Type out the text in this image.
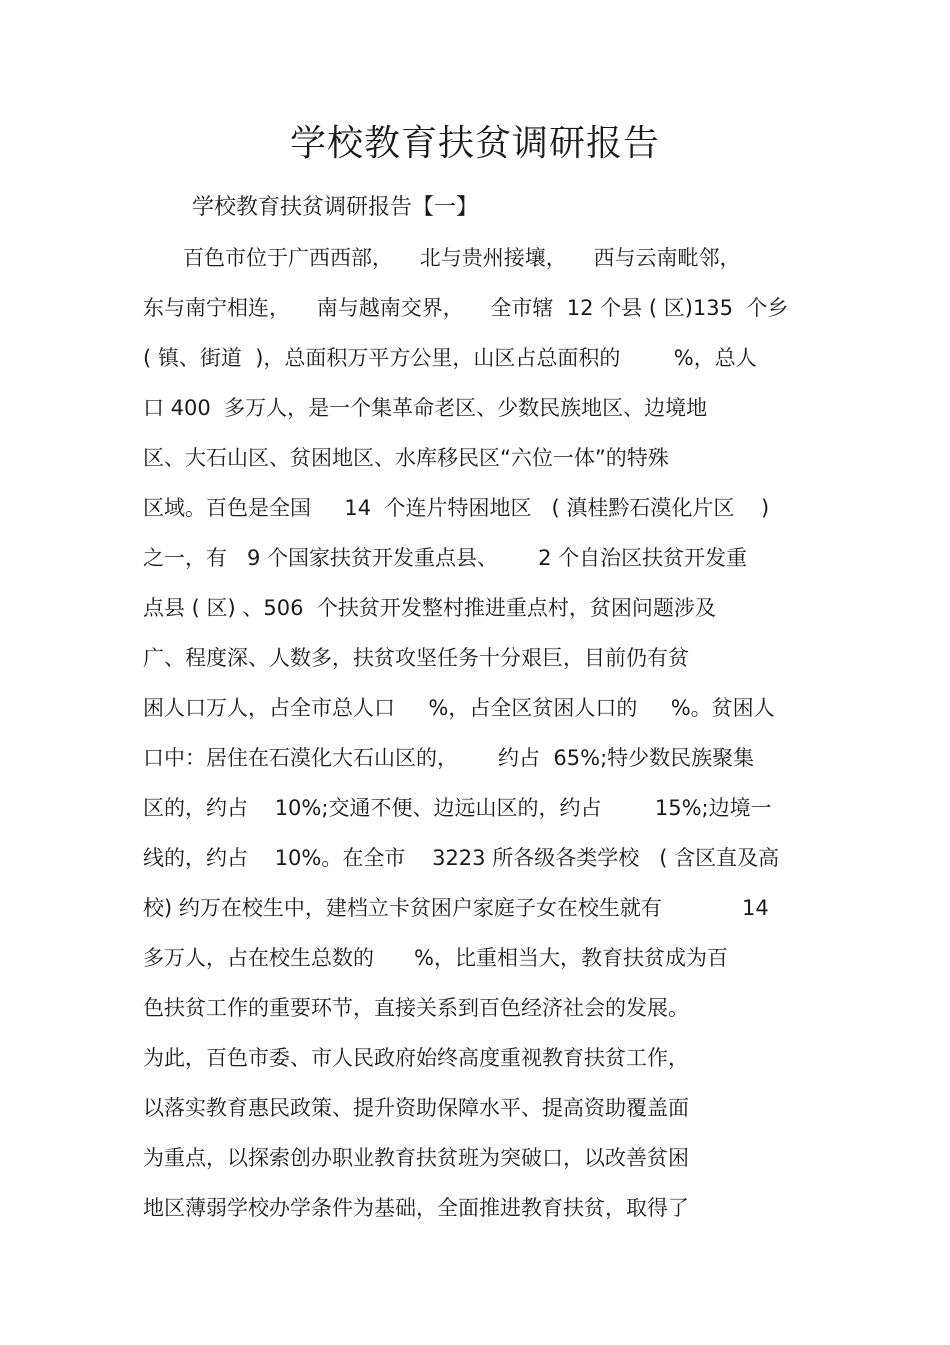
学校教育扶贫调研报告
学校教育扶贫调研报告【一】
百色市位于广西西部，    北与贵州接壤，    西与云南毗邻，
东与南宁相连，    南与越南交界，    全市辖  12 个县 ( 区)135  个乡
( 镇、街道  )，总面积万平方公里，山区占总面积的        %，总人
口 400  多万人，是一个集革命老区、少数民族地区、边境地
区、大石山区、贫困地区、水库移民区“六位一体”的特殊
区域。百色是全国     14  个连片特困地区   ( 滇桂黔石漠化片区    )
之一，有   9 个国家扶贫开发重点县、      2 个自治区扶贫开发重
点县 ( 区) 、506  个扶贫开发整村推进重点村，贫困问题涉及
广、程度深、人数多，扶贫攻坚任务十分艰巨，目前仍有贫
困人口万人，占全市总人口     %，占全区贫困人口的     %。贫困人
口中：居住在石漠化大石山区的，      约占  65%;特少数民族聚集
区的，约占    10%;交通不便、边远山区的，约占        15%;边境一
线的，约占    10%。在全市    3223 所各级各类学校   ( 含区直及高
校) 约万在校生中，建档立卡贫困户家庭子女在校生就有            14
多万人，占在校生总数的      %，比重相当大，教育扶贫成为百
色扶贫工作的重要环节，直接关系到百色经济社会的发展。
为此，百色市委、市人民政府始终高度重视教育扶贫工作，
以落实教育惠民政策、提升资助保障水平、提高资助覆盖面
为重点，以探索创办职业教育扶贫班为突破口，以改善贫困
地区薄弱学校办学条件为基础，全面推进教育扶贫，取得了
